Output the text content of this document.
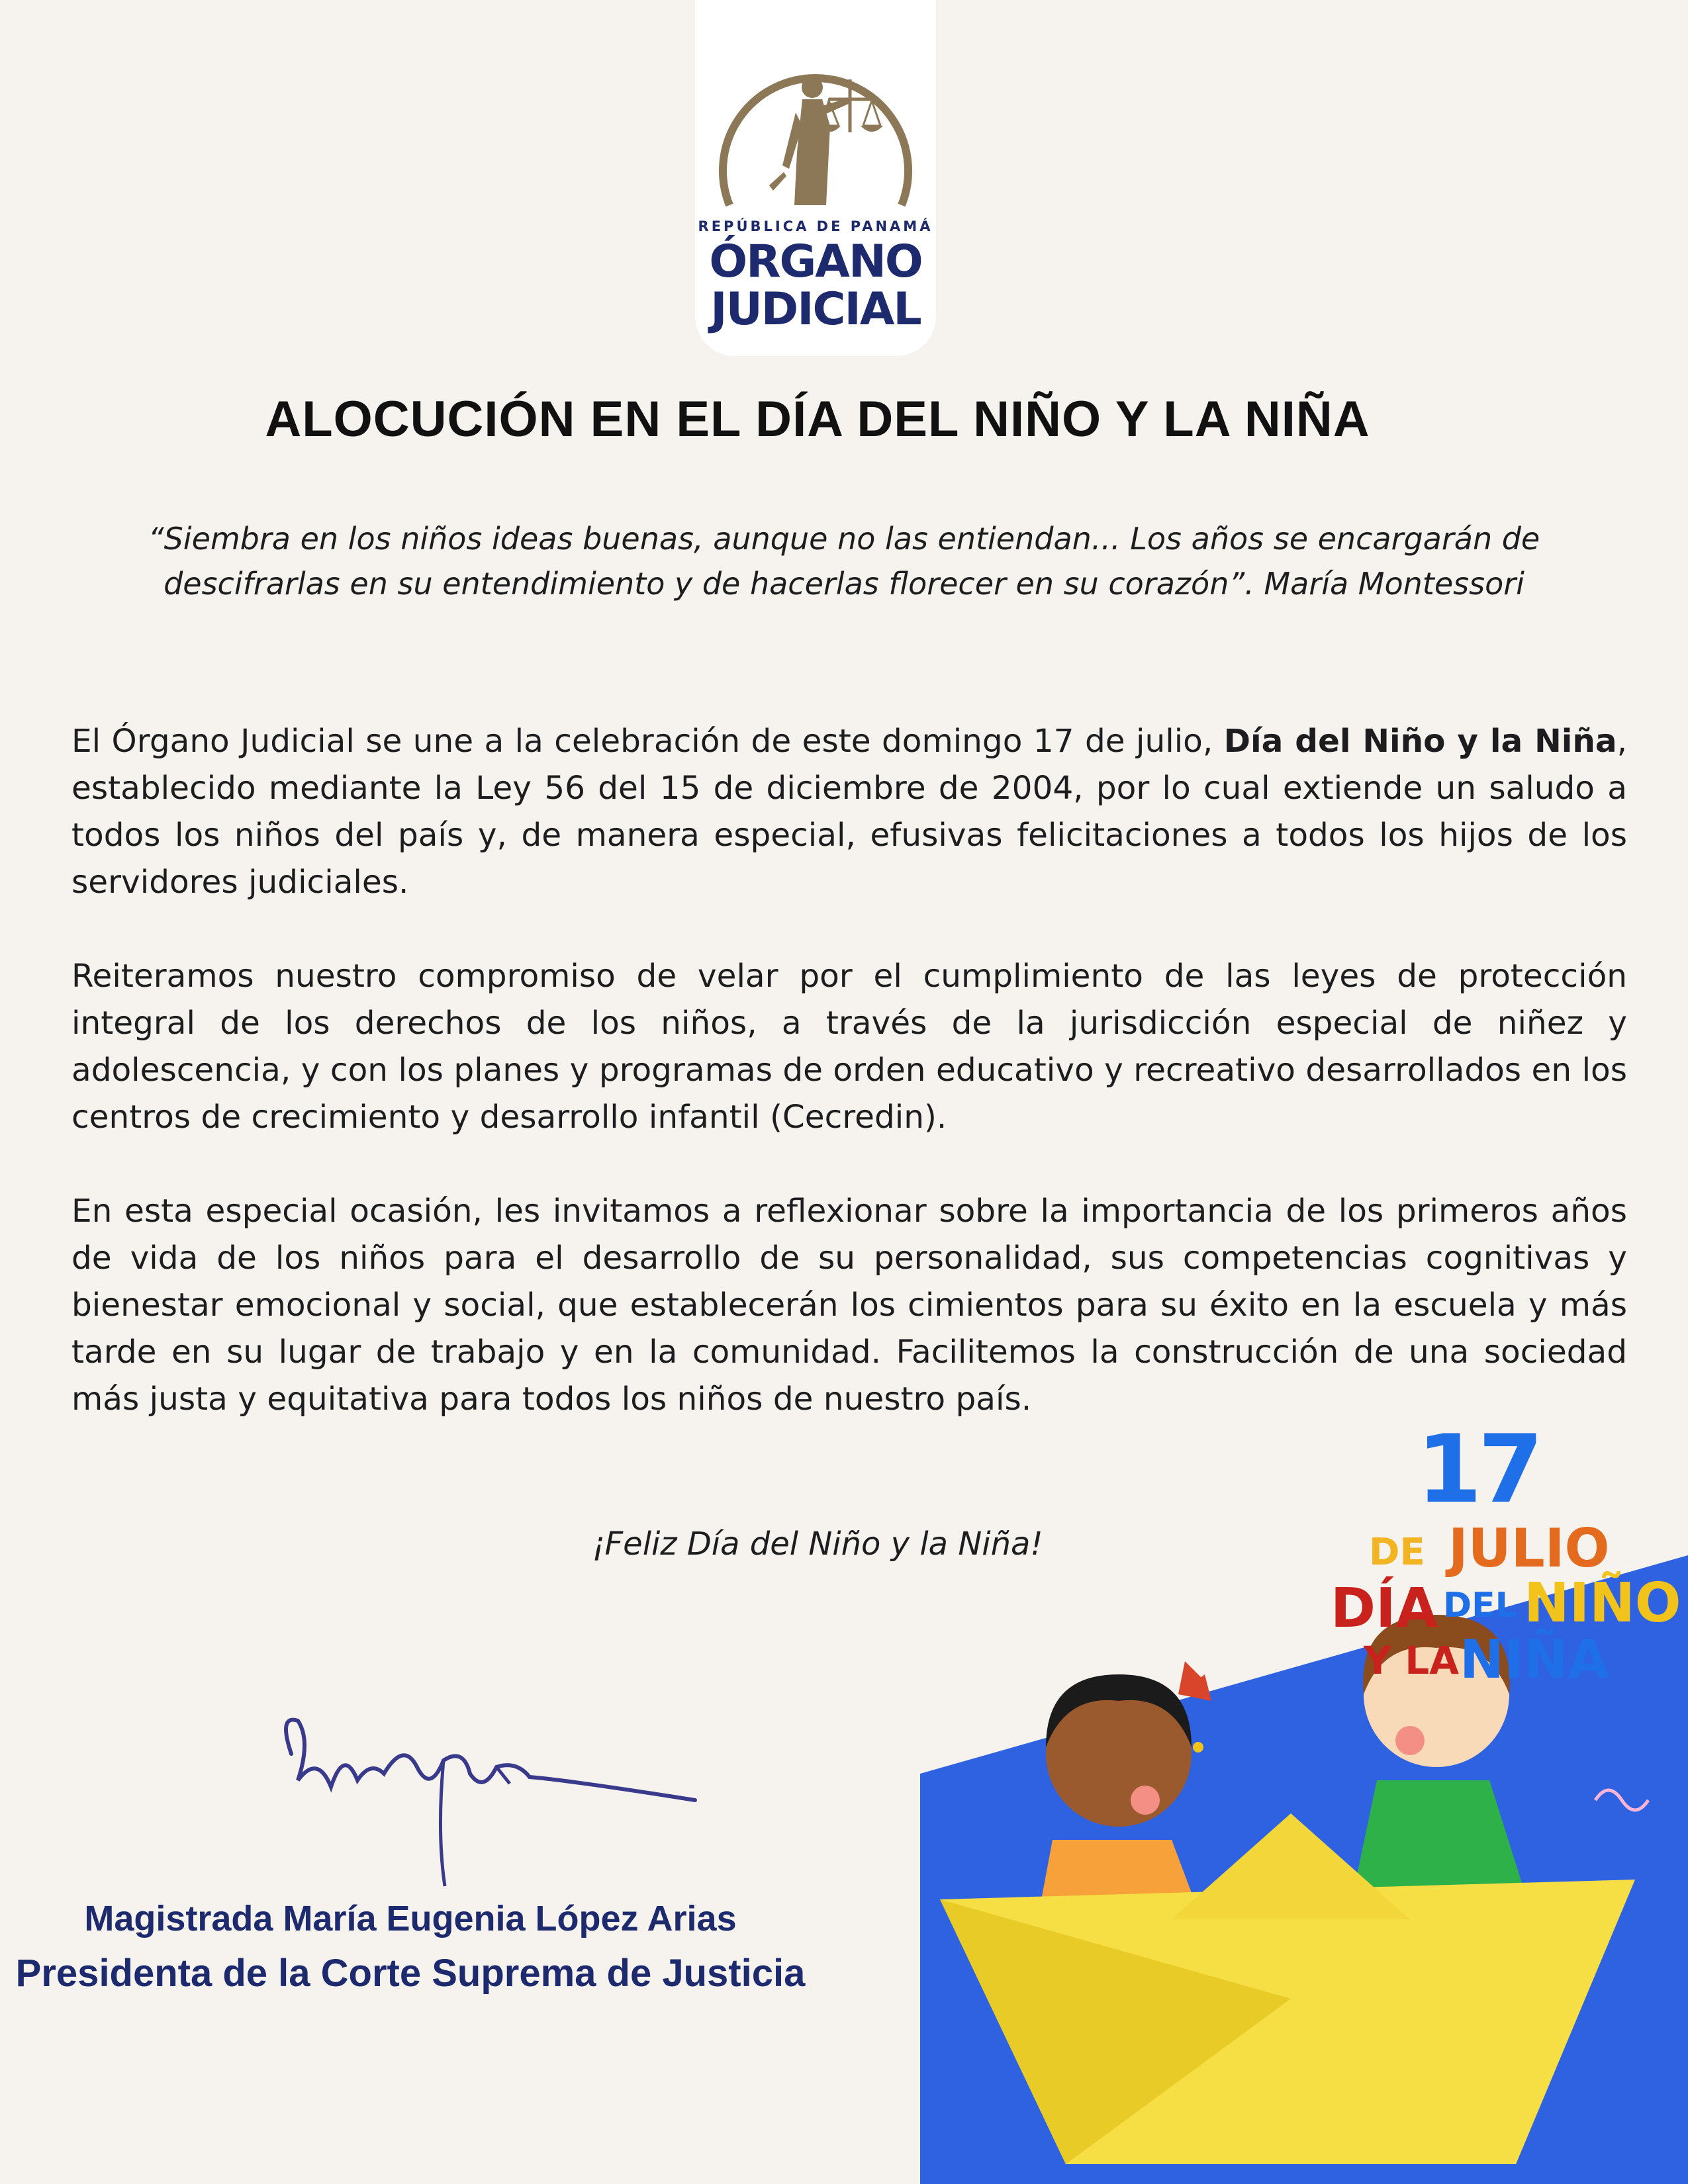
REPÚBLICA DE PANAMÁ
ÓRGANO
JUDICIAL
ALOCUCIÓN EN EL DÍA DEL NIÑO Y LA NIÑA
“Siembra en los niños ideas buenas, aunque no las entiendan... Los años se encargarán de descifrarlas en su entendimiento y de hacerlas florecer en su corazón”. María Montessori

El Órgano Judicial se une a la celebración de este domingo 17 de julio, Día del Niño y la Niña, establecido mediante la Ley 56 del 15 de diciembre de 2004, por lo cual extiende un saludo a todos los niños del país y, de manera especial, efusivas felicitaciones a todos los hijos de los servidores judiciales.

Reiteramos nuestro compromiso de velar por el cumplimiento de las leyes de protección integral de los derechos de los niños, a través de la jurisdicción especial de niñez y adolescencia, y con los planes y programas de orden educativo y recreativo desarrollados en los centros de crecimiento y desarrollo infantil (Cecredin).

En esta especial ocasión, les invitamos a reflexionar sobre la importancia de los primeros años de vida de los niños para el desarrollo de su personalidad, sus competencias cognitivas y bienestar emocional y social, que establecerán los cimientos para su éxito en la escuela y más tarde en su lugar de trabajo y en la comunidad. Facilitemos la construcción de una sociedad más justa y equitativa para todos los niños de nuestro país.

¡Feliz Día del Niño y la Niña!
Magistrada María Eugenia López Arias
Presidenta de la Corte Suprema de Justicia
17
DE JULIO
DÍA DEL NIÑO
Y LA NIÑA
